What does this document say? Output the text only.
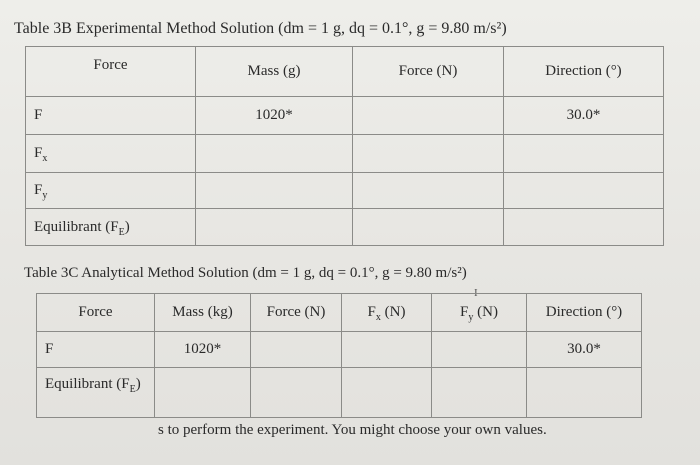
Table 3B Experimental Method Solution (dm = 1 g, dq = 0.1°, g = 9.80 m/s²)
Force	Mass (g)	Force (N)	Direction (°)
F	1020*		30.0*
$F_x$			
$F_y$			
Equilibrant $(F_E)$			
Table 3C Analytical Method Solution (dm = 1 g, dq = 0.1°, g = 9.80 m/s²)
I
Force	Mass (kg)	Force (N)	$F_x$ (N)	$F_y$ (N)	Direction (°)
F	1020*				30.0*
Equilibrant $(F_E)$					
s to perform the experiment. You might choose your own values.
